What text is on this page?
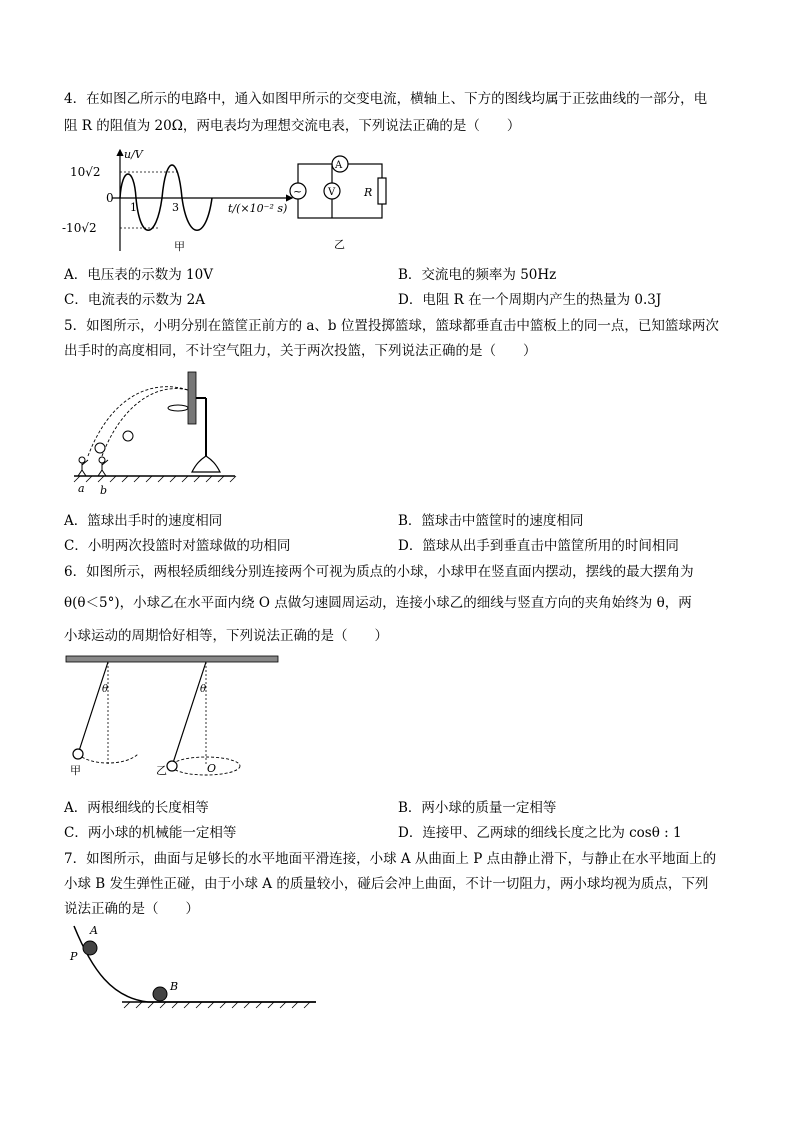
4．在如图乙所示的电路中，通入如图甲所示的交变电流，横轴上、下方的图线均属于正弦曲线的一部分，电
阻 R 的阻值为 20Ω，两电表均为理想交流电表，下列说法正确的是（　　）
u/V
10√2
0
-10√2
1	3	t/(×10⁻² s)
甲
~
A
V	R
乙
A．电压表的示数为 10V	B．交流电的频率为 50Hz
C．电流表的示数为 2A	D．电阻 R 在一个周期内产生的热量为 0.3J
5．如图所示，小明分别在篮筐正前方的 a、b 位置投掷篮球，篮球都垂直击中篮板上的同一点，已知篮球两次
出手时的高度相同，不计空气阻力，关于两次投篮，下列说法正确的是（　　）
a b
A．篮球出手时的速度相同	B．篮球击中篮筐时的速度相同
C．小明两次投篮时对篮球做的功相同	D．篮球从出手到垂直击中篮筐所用的时间相同
6．如图所示，两根轻质细线分别连接两个可视为质点的小球，小球甲在竖直面内摆动，摆线的最大摆角为
θ(θ＜5°)，小球乙在水平面内绕 O 点做匀速圆周运动，连接小球乙的细线与竖直方向的夹角始终为 θ，两
小球运动的周期恰好相等，下列说法正确的是（　　）
θ
甲
θ
乙	O
A．两根细线的长度相等	B．两小球的质量一定相等
C．两小球的机械能一定相等	D．连接甲、乙两球的细线长度之比为 cosθ : 1
7．如图所示，曲面与足够长的水平地面平滑连接，小球 A 从曲面上 P 点由静止滑下，与静止在水平地面上的
小球 B 发生弹性正碰，由于小球 A 的质量较小，碰后会冲上曲面，不计一切阻力，两小球均视为质点，下列
说法正确的是（　　）
A
P
B
